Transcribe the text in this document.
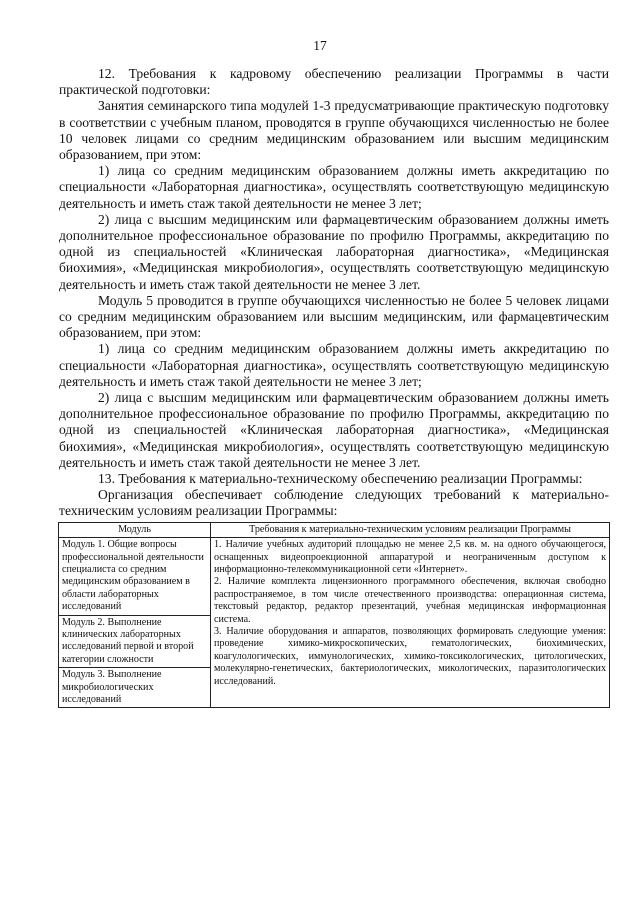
17

12. Требования к кадровому обеспечению реализации Программы в части практической подготовки:

Занятия семинарского типа модулей 1-3 предусматривающие практическую подготовку в соответствии с учебным планом, проводятся в группе обучающихся численностью не более 10 человек лицами со средним медицинским образованием или высшим медицинским образованием, при этом:

1) лица со средним медицинским образованием должны иметь аккредитацию по специальности «Лабораторная диагностика», осуществлять соответствующую медицинскую деятельность и иметь стаж такой деятельности не менее 3 лет;

2) лица с высшим медицинским или фармацевтическим образованием должны иметь дополнительное профессиональное образование по профилю Программы, аккредитацию по одной из специальностей «Клиническая лабораторная диагностика», «Медицинская биохимия», «Медицинская микробиология», осуществлять соответствующую медицинскую деятельность и иметь стаж такой деятельности не менее 3 лет.

Модуль 5 проводится в группе обучающихся численностью не более 5 человек лицами со средним медицинским образованием или высшим медицинским, или фармацевтическим образованием, при этом:

1) лица со средним медицинским образованием должны иметь аккредитацию по специальности «Лабораторная диагностика», осуществлять соответствующую медицинскую деятельность и иметь стаж такой деятельности не менее 3 лет;

2) лица с высшим медицинским или фармацевтическим образованием должны иметь дополнительное профессиональное образование по профилю Программы, аккредитацию по одной из специальностей «Клиническая лабораторная диагностика», «Медицинская биохимия», «Медицинская микробиология», осуществлять соответствующую медицинскую деятельность и иметь стаж такой деятельности не менее 3 лет.

13. Требования к материально-техническому обеспечению реализации Программы:

Организация обеспечивает соблюдение следующих требований к материально-техническим условиям реализации Программы:

Модуль	Требования к материально-техническим условиям реализации Программы
Модуль 1. Общие вопросы профессиональной деятельности специалиста со средним медицинским образованием в области лабораторных исследований	1. Наличие учебных аудиторий площадью не менее 2,5 кв. м. на одного обучающегося, оснащенных видеопроекционной аппаратурой и неограниченным доступом к информационно-телекоммуникационной сети «Интернет».
2. Наличие комплекта лицензионного программного обеспечения, включая свободно распространяемое, в том числе отечественного производства: операционная система, текстовый редактор, редактор презентаций, учебная медицинская информационная система.
3. Наличие оборудования и аппаратов, позволяющих формировать следующие умения: проведение химико-микроскопических, гематологических, биохимических, коагулологических, иммунологических, химико-токсикологических, цитологических, молекулярно-генетических, бактериологических, микологических, паразитологических исследований.

Модуль 2. Выполнение клинических лабораторных исследований первой и второй категории сложности	
Модуль 3. Выполнение микробиологических исследований	
